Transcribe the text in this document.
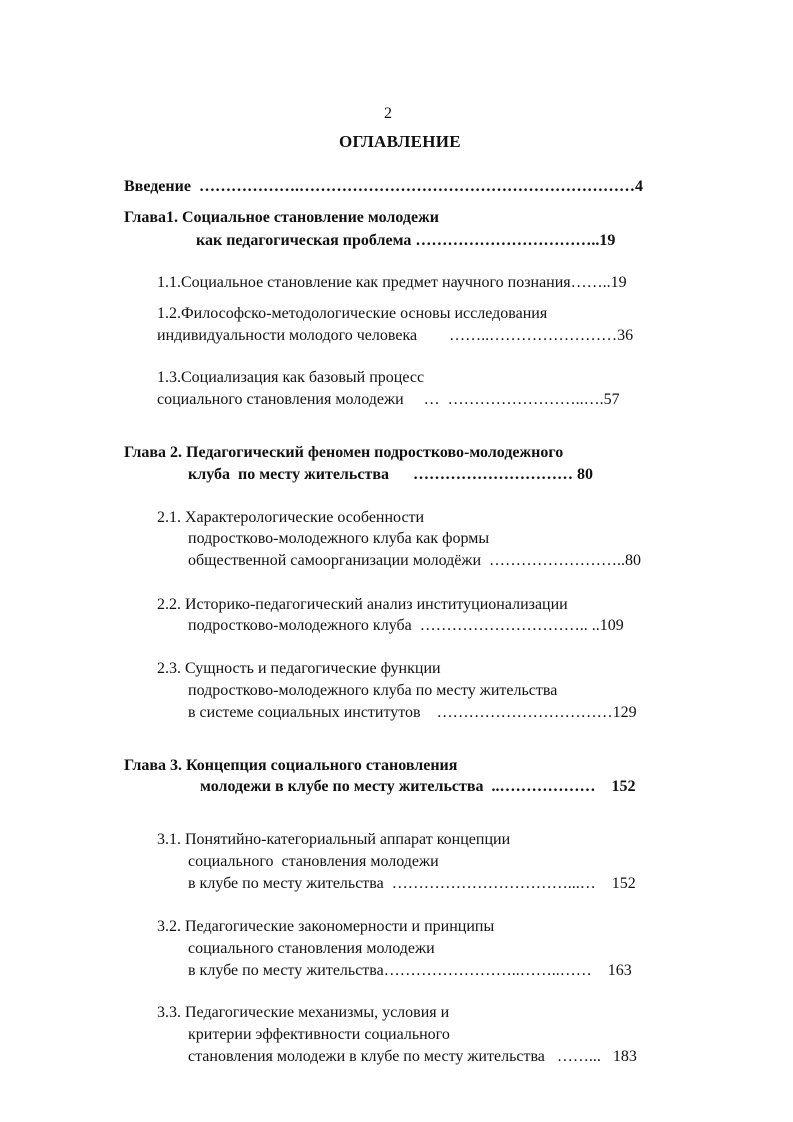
2
ОГЛАВЛЕНИЕ
Введение  ……………….………………………………………………………4
Глава1. Социальное становление молодежи
как педагогическая проблема ……………………………..19
1.1.Социальное становление как предмет научного познания……..19
1.2.Философско-методологические основы исследования
индивидуальности молодого человека        ……..……………………36
1.3.Социализация как базовый процесс
социального становления молодежи     …  ……………………..….57
Глава 2. Педагогический феномен подростково-молодежного
клуба  по месту жительства      ………………………… 80
2.1. Характерологические особенности
подростково-молодежного клуба как формы
общественной самоорганизации молодёжи  ……………………..80
2.2. Историко-педагогический анализ институционализации
подростково-молодежного клуба  ………………………….. ..109
2.3. Сущность и педагогические функции
подростково-молодежного клуба по месту жительства
в системе социальных институтов    ……………………………129
Глава 3. Концепция социального становления
молодежи в клубе по месту жительства  ..………………    152
3.1. Понятийно-категориальный аппарат концепции
социального  становления молодежи
в клубе по месту жительства  ……………………………...…    152
3.2. Педагогические закономерности и принципы
социального становления молодежи
в клубе по месту жительства……………………..……..……    163
3.3. Педагогические механизмы, условия и
критерии эффективности социального
становления молодежи в клубе по месту жительства   ……...   183
